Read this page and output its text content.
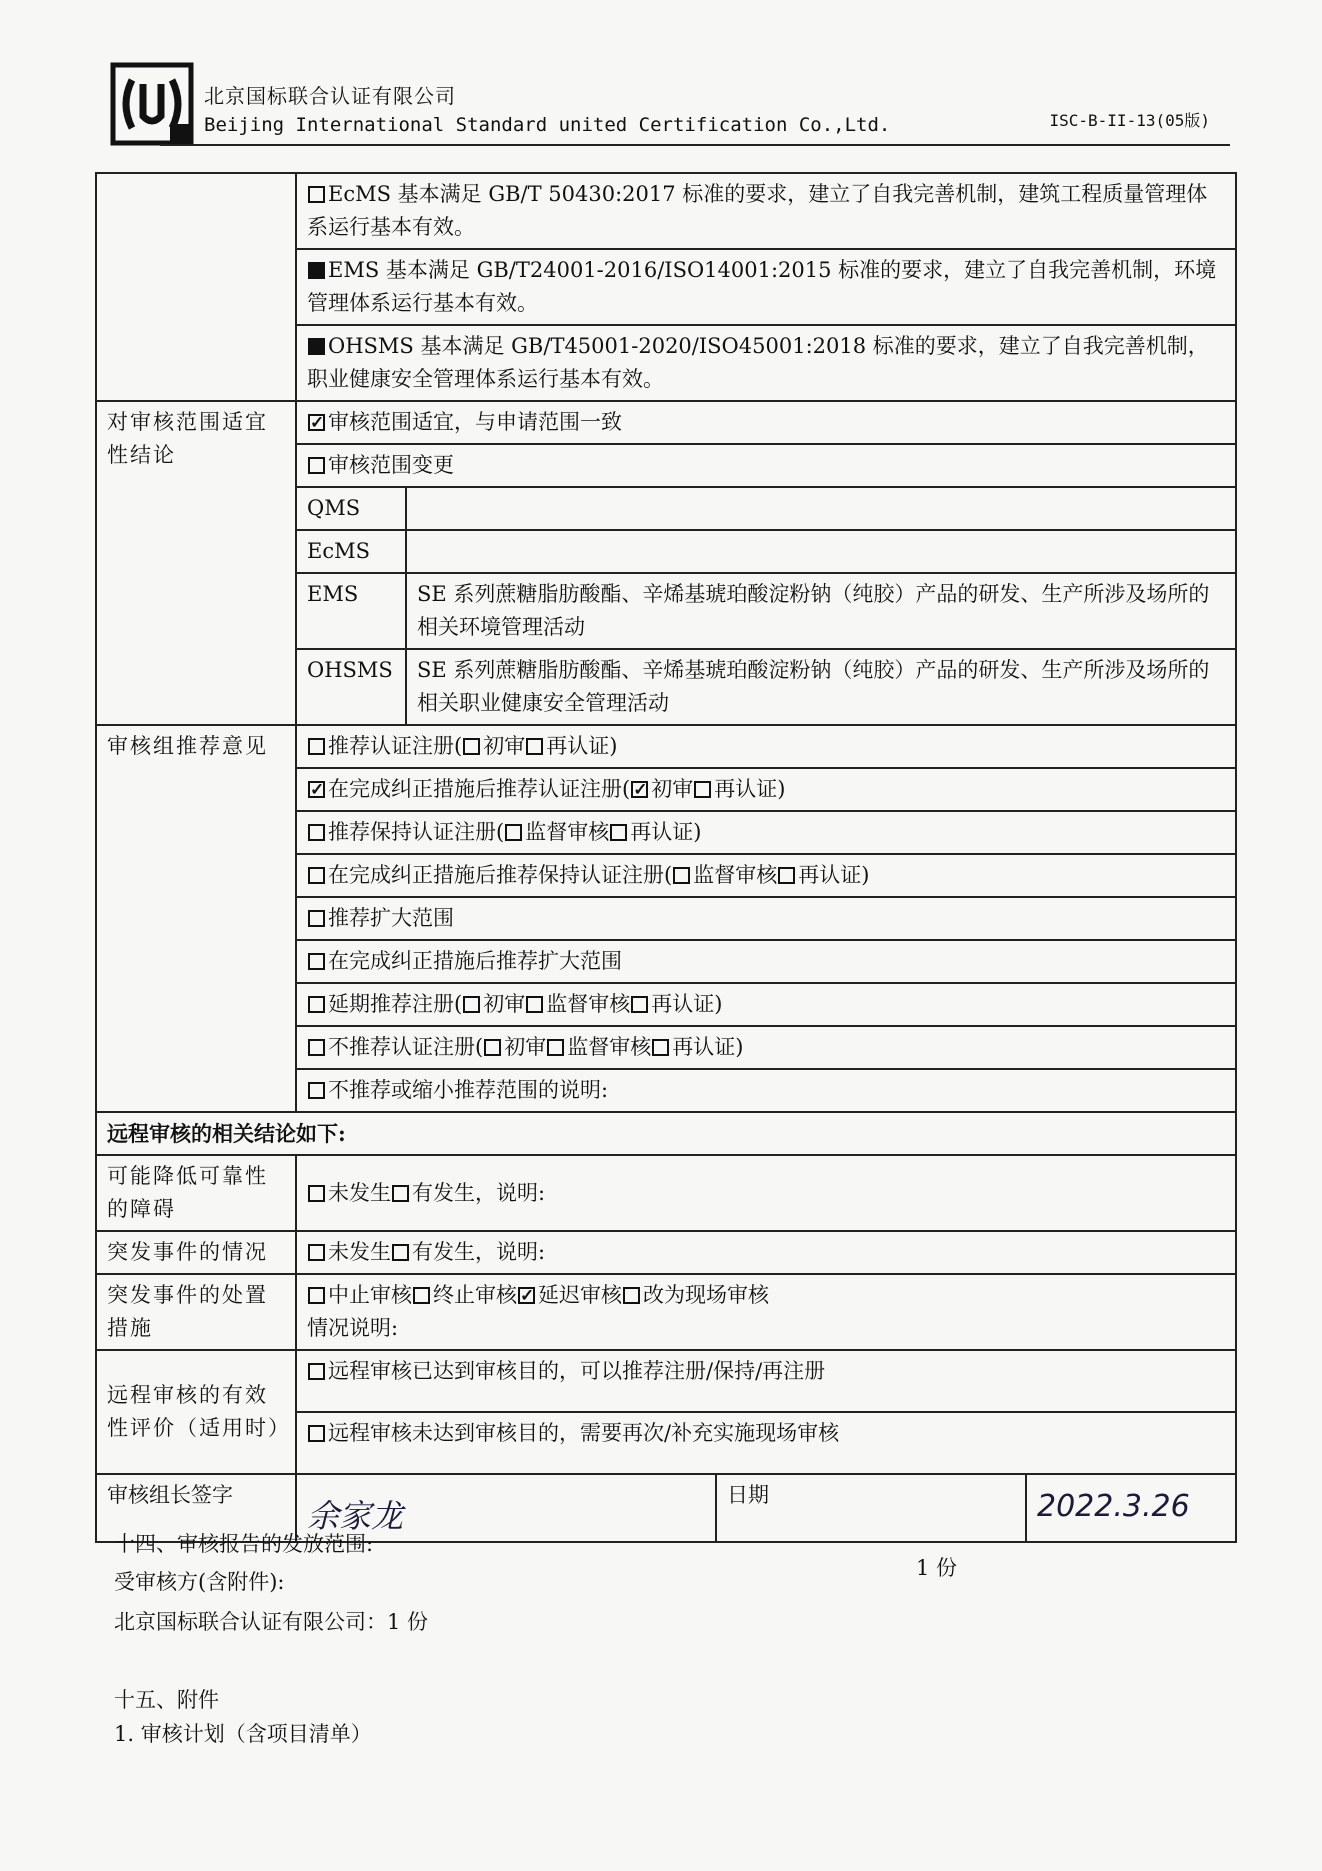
北京国标联合认证有限公司
Beijing International Standard united Certification Co.,Ltd.	ISC-B-II-13(05版)
	EcMS 基本满足 GB/T 50430:2017 标准的要求，建立了自我完善机制，建筑工程质量管理体系运行基本有效。			
	EMS 基本满足 GB/T24001-2016/ISO14001:2015 标准的要求，建立了自我完善机制，环境管理体系运行基本有效。			
	OHSMS 基本满足 GB/T45001-2020/ISO45001:2018 标准的要求，建立了自我完善机制，职业健康安全管理体系运行基本有效。			
对审核范围适宜性结论	✓审核范围适宜，与申请范围一致
	审核范围变更			
	QMS			
	EcMS			
	EMS	SE 系列蔗糖脂肪酸酯、辛烯基琥珀酸淀粉钠（纯胶）产品的研发、生产所涉及场所的相关环境管理活动		
	OHSMS	SE 系列蔗糖脂肪酸酯、辛烯基琥珀酸淀粉钠（纯胶）产品的研发、生产所涉及场所的相关职业健康安全管理活动		
审核组推荐意见	推荐认证注册( 初审 再认证)			
✓在完成纠正措施后推荐认证注册( ✓ 初审 再认证)
	推荐保持认证注册( 监督审核 再认证)			
	在完成纠正措施后推荐保持认证注册( 监督审核 再认证)			
	推荐扩大范围			
	在完成纠正措施后推荐扩大范围			
	延期推荐注册( 初审 监督审核 再认证)			
	不推荐认证注册( 初审 监督审核 再认证)			
	不推荐或缩小推荐范围的说明:			
远程审核的相关结论如下:				
可能降低可靠性的障碍	未发生 有发生，说明:			
突发事件的情况	未发生 有发生，说明:			
突发事件的处置措施	中止审核 终止审核 ✓ 延迟审核 改为现场审核
情况说明:
远程审核的有效性评价（适用时）	远程审核已达到审核目的，可以推荐注册/保持/再注册			
	远程审核未达到审核目的，需要再次/补充实施现场审核			
审核组长签字	余家龙		日期	2022.3.26
十四、审核报告的发放范围:
受审核方(含附件):
1 份
北京国标联合认证有限公司：1 份
十五、附件
1. 审核计划（含项目清单）
